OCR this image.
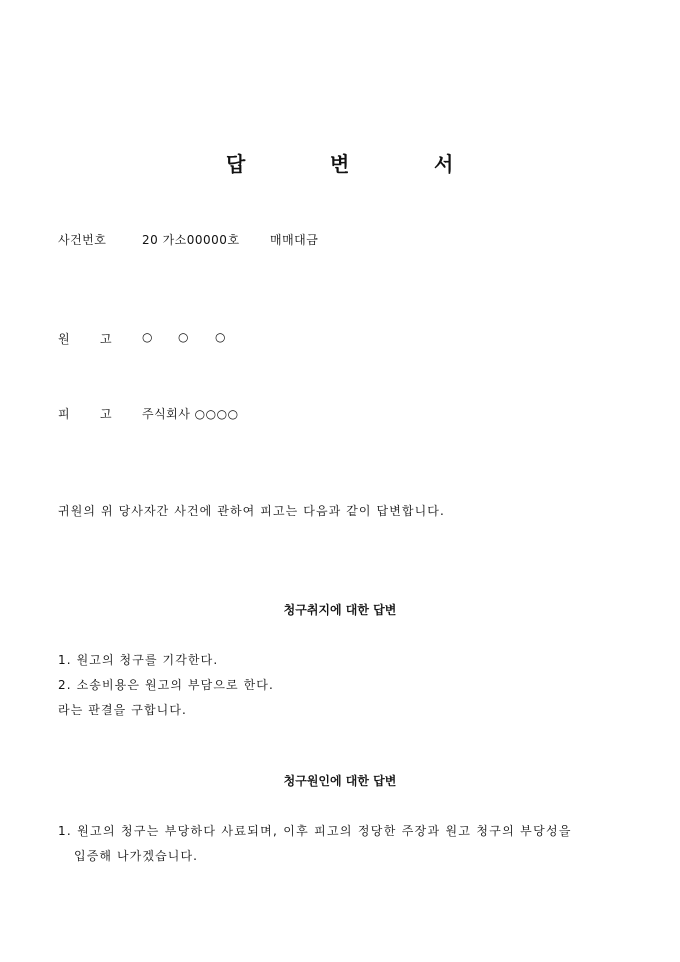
답	변	서
사건번호	20 가소00000호	매매대금
원 고 ○ ○ ○
피 고 주식회사 ○○○○
귀원의 위 당사자간 사건에 관하여 피고는 다음과 같이 답변합니다.
청구취지에 대한 답변
1. 원고의 청구를 기각한다.
2. 소송비용은 원고의 부담으로 한다.
라는 판결을 구합니다.
청구원인에 대한 답변
1. 원고의 청구는 부당하다 사료되며, 이후 피고의 정당한 주장과 원고 청구의 부당성을
입증해 나가겠습니다.
